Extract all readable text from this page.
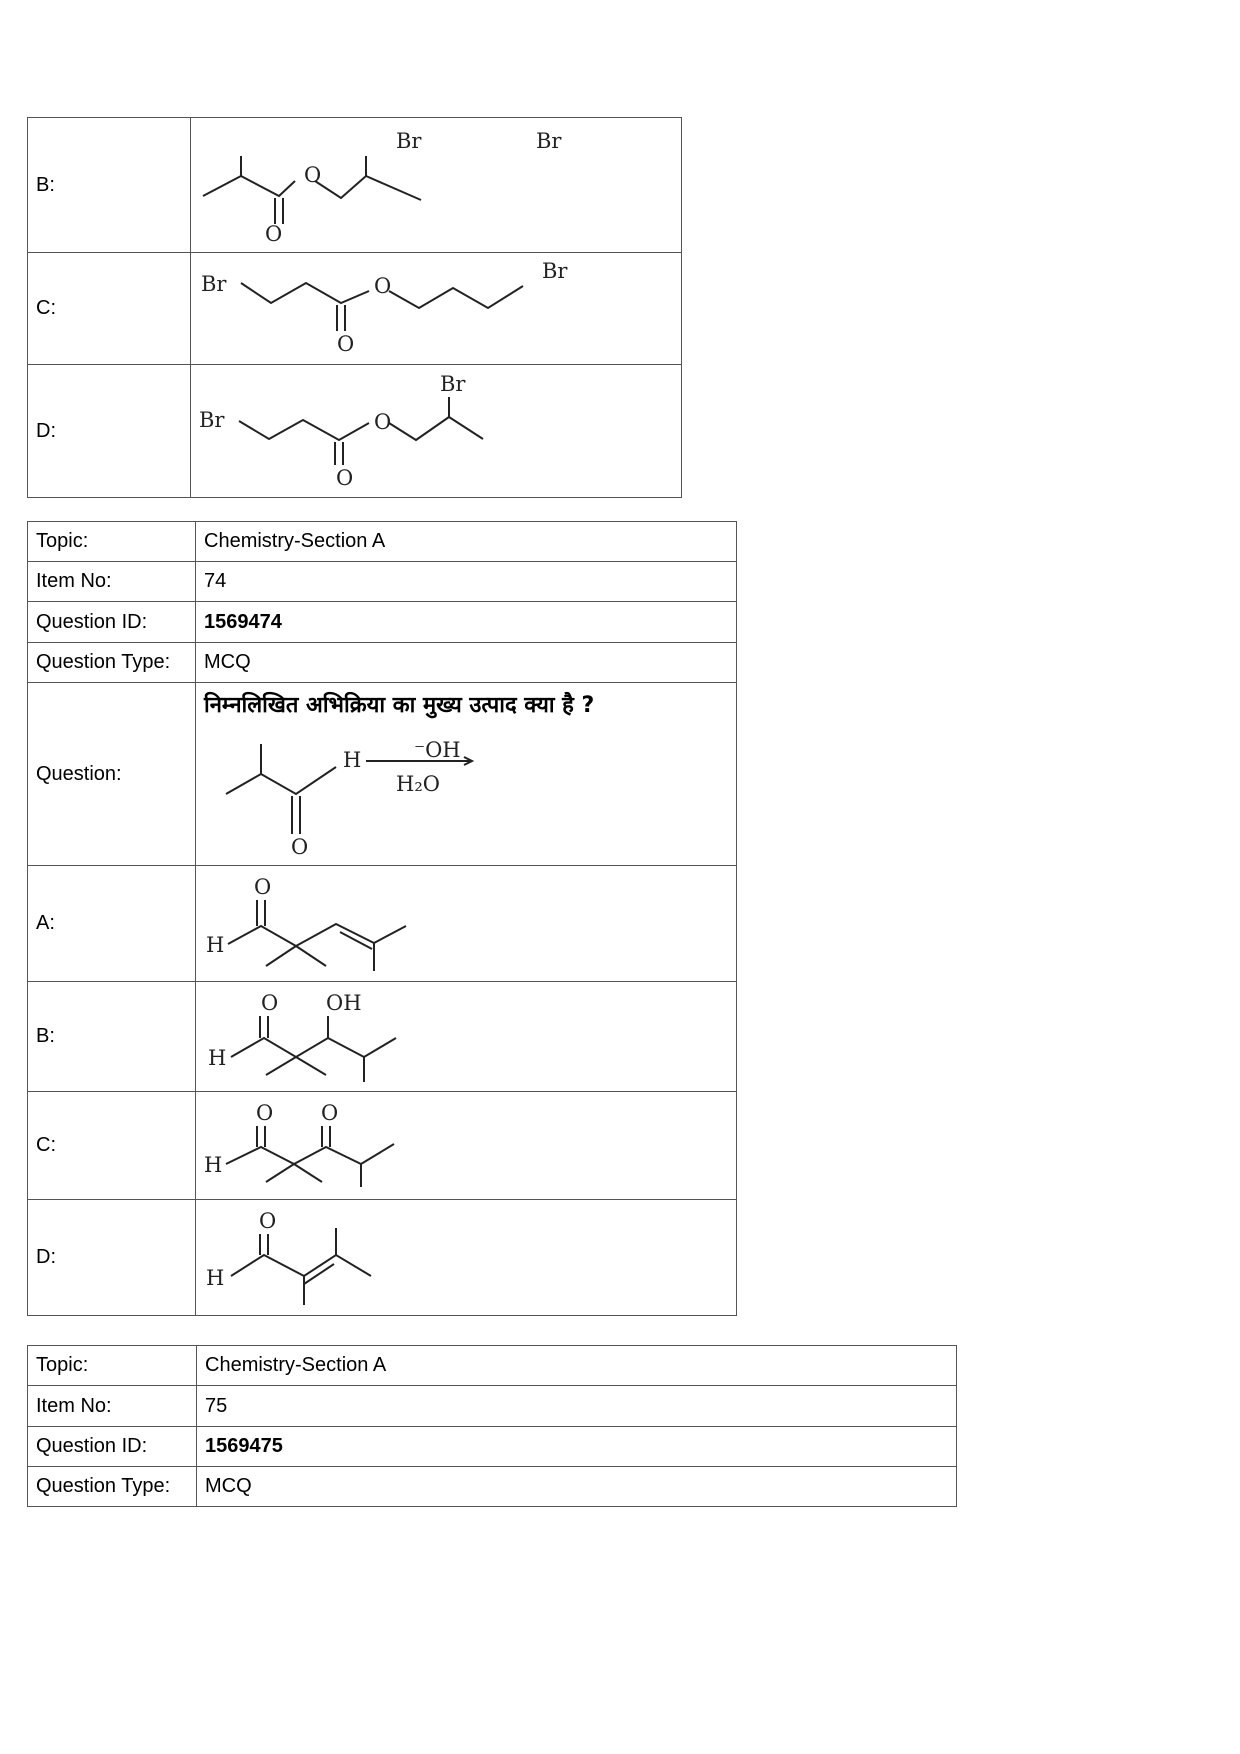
B:	Br Br
O
O

C:	Br O
O
Br

D:	Br
Br
O
O
Topic:	Chemistry-Section A
Item No:	74
Question ID:	1569474
Question Type:	MCQ
Question:	निम्नलिखित अभिक्रिया का मुख्य उत्पाद क्या है ?
H
O
⁻OH
H₂O

A:	O
H

B:	O OH
H

C:	O O
H

D:	O
H
Topic:	Chemistry-Section A
Item No:	75
Question ID:	1569475
Question Type:	MCQ
